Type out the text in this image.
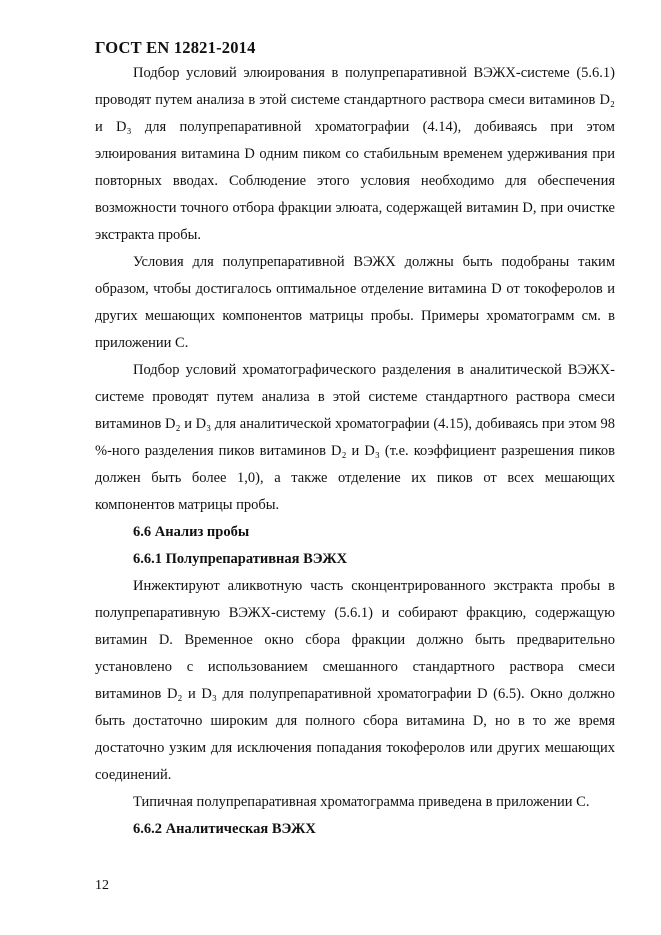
ГОСТ EN 12821-2014

Подбор условий элюирования в полупрепаративной ВЭЖХ-системе (5.6.1) проводят путем анализа в этой системе стандартного раствора смеси витаминов D₂ и D₃ для полупрепаративной хроматографии (4.14), добиваясь при этом элюирования витамина D одним пиком со стабильным временем удерживания при повторных вводах. Соблюдение этого условия необходимо для обеспечения возможности точного отбора фракции элюата, содержащей витамин D, при очистке экстракта пробы.

Условия для полупрепаративной ВЭЖХ должны быть подобраны таким образом, чтобы достигалось оптимальное отделение витамина D от токоферолов и других мешающих компонентов матрицы пробы. Примеры хроматограмм см. в приложении С.

Подбор условий хроматографического разделения в аналитической ВЭЖХ-системе проводят путем анализа в этой системе стандартного раствора смеси витаминов D₂ и D₃ для аналитической хроматографии (4.15), добиваясь при этом 98 %-ного разделения пиков витаминов D₂ и D₃ (т.е. коэффициент разрешения пиков должен быть более 1,0), а также отделение их пиков от всех мешающих компонентов матрицы пробы.

6.6 Анализ пробы

6.6.1 Полупрепаративная ВЭЖХ

Инжектируют аликвотную часть сконцентрированного экстракта пробы в полупрепаративную ВЭЖХ-систему (5.6.1) и собирают фракцию, содержащую витамин D. Временное окно сбора фракции должно быть предварительно установлено с использованием смешанного стандартного раствора смеси витаминов D₂ и D₃ для полупрепаративной хроматографии D (6.5). Окно должно быть достаточно широким для полного сбора витамина D, но в то же время достаточно узким для исключения попадания токоферолов или других мешающих соединений.

Типичная полупрепаративная хроматограмма приведена в приложении С.

6.6.2 Аналитическая ВЭЖХ

12
